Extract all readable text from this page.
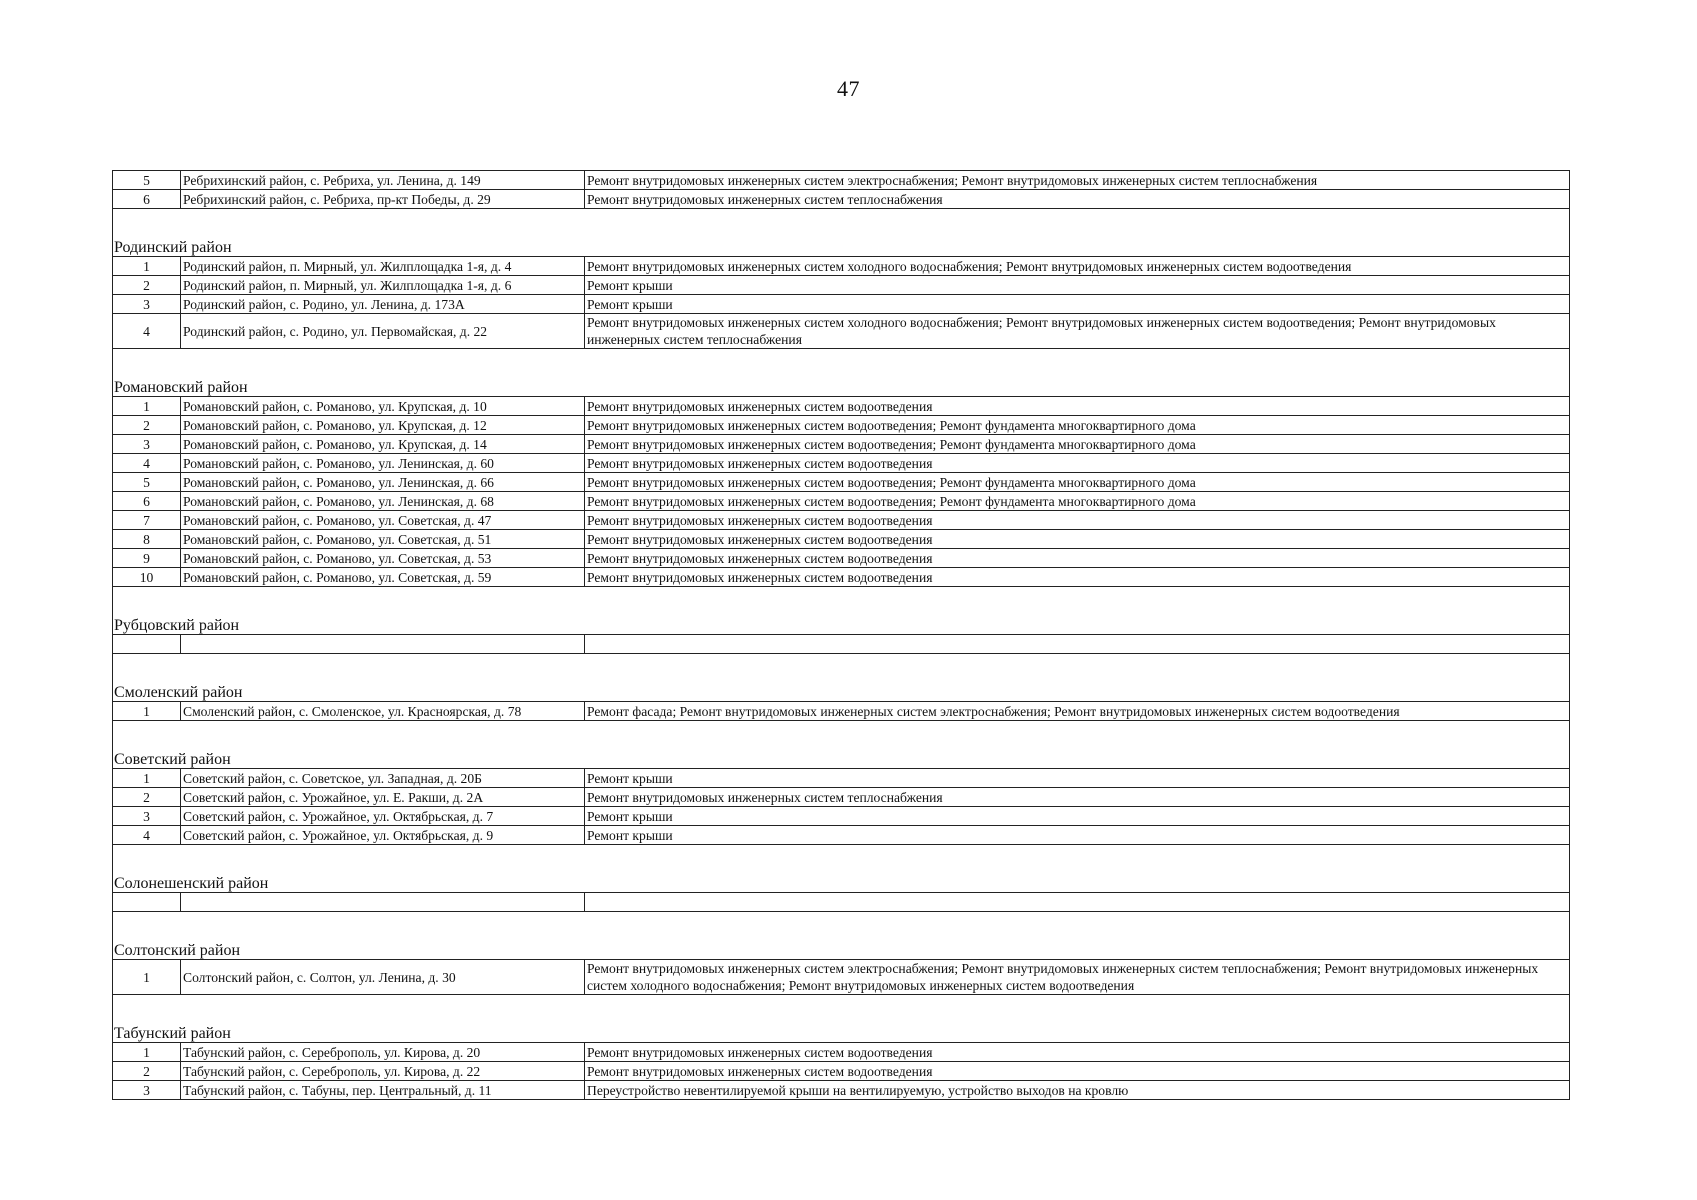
47
5	Ребрихинский район, с. Ребриха, ул. Ленина, д. 149	Ремонт внутридомовых инженерных систем электроснабжения; Ремонт внутридомовых инженерных систем теплоснабжения
6	Ребрихинский район, с. Ребриха, пр-кт Победы, д. 29	Ремонт внутридомовых инженерных систем теплоснабжения

Родинский район		
1	Родинский район, п. Мирный, ул. Жилплощадка 1-я, д. 4	Ремонт внутридомовых инженерных систем холодного водоснабжения; Ремонт внутридомовых инженерных систем водоотведения
2	Родинский район, п. Мирный, ул. Жилплощадка 1-я, д. 6	Ремонт крыши
3	Родинский район, с. Родино, ул. Ленина, д. 173А	Ремонт крыши
4	Родинский район, с. Родино, ул. Первомайская, д. 22	Ремонт внутридомовых инженерных систем холодного водоснабжения; Ремонт внутридомовых инженерных систем водоотведения; Ремонт внутридомовых инженерных систем теплоснабжения

Романовский район		
1	Романовский район, с. Романово, ул. Крупская, д. 10	Ремонт внутридомовых инженерных систем водоотведения
2	Романовский район, с. Романово, ул. Крупская, д. 12	Ремонт внутридомовых инженерных систем водоотведения; Ремонт фундамента многоквартирного дома
3	Романовский район, с. Романово, ул. Крупская, д. 14	Ремонт внутридомовых инженерных систем водоотведения; Ремонт фундамента многоквартирного дома
4	Романовский район, с. Романово, ул. Ленинская, д. 60	Ремонт внутридомовых инженерных систем водоотведения
5	Романовский район, с. Романово, ул. Ленинская, д. 66	Ремонт внутридомовых инженерных систем водоотведения; Ремонт фундамента многоквартирного дома
6	Романовский район, с. Романово, ул. Ленинская, д. 68	Ремонт внутридомовых инженерных систем водоотведения; Ремонт фундамента многоквартирного дома
7	Романовский район, с. Романово, ул. Советская, д. 47	Ремонт внутридомовых инженерных систем водоотведения
8	Романовский район, с. Романово, ул. Советская, д. 51	Ремонт внутридомовых инженерных систем водоотведения
9	Романовский район, с. Романово, ул. Советская, д. 53	Ремонт внутридомовых инженерных систем водоотведения
10	Романовский район, с. Романово, ул. Советская, д. 59	Ремонт внутридомовых инженерных систем водоотведения

Рубцовский район		

Смоленский район		
1	Смоленский район, с. Смоленское, ул. Красноярская, д. 78	Ремонт фасада; Ремонт внутридомовых инженерных систем электроснабжения; Ремонт внутридомовых инженерных систем водоотведения

Советский район		
1	Советский район, с. Советское, ул. Западная, д. 20Б	Ремонт крыши
2	Советский район, с. Урожайное, ул. Е. Ракши, д. 2А	Ремонт внутридомовых инженерных систем теплоснабжения
3	Советский район, с. Урожайное, ул. Октябрьская, д. 7	Ремонт крыши
4	Советский район, с. Урожайное, ул. Октябрьская, д. 9	Ремонт крыши

Солонешенский район		

Солтонский район		
1	Солтонский район, с. Солтон, ул. Ленина, д. 30	Ремонт внутридомовых инженерных систем электроснабжения; Ремонт внутридомовых инженерных систем теплоснабжения; Ремонт внутридомовых инженерных систем холодного водоснабжения; Ремонт внутридомовых инженерных систем водоотведения

Табунский район		
1	Табунский район, с. Сереброполь, ул. Кирова, д. 20	Ремонт внутридомовых инженерных систем водоотведения
2	Табунский район, с. Сереброполь, ул. Кирова, д. 22	Ремонт внутридомовых инженерных систем водоотведения
3	Табунский район, с. Табуны, пер. Центральный, д. 11	Переустройство невентилируемой крыши на вентилируемую, устройство выходов на кровлю
